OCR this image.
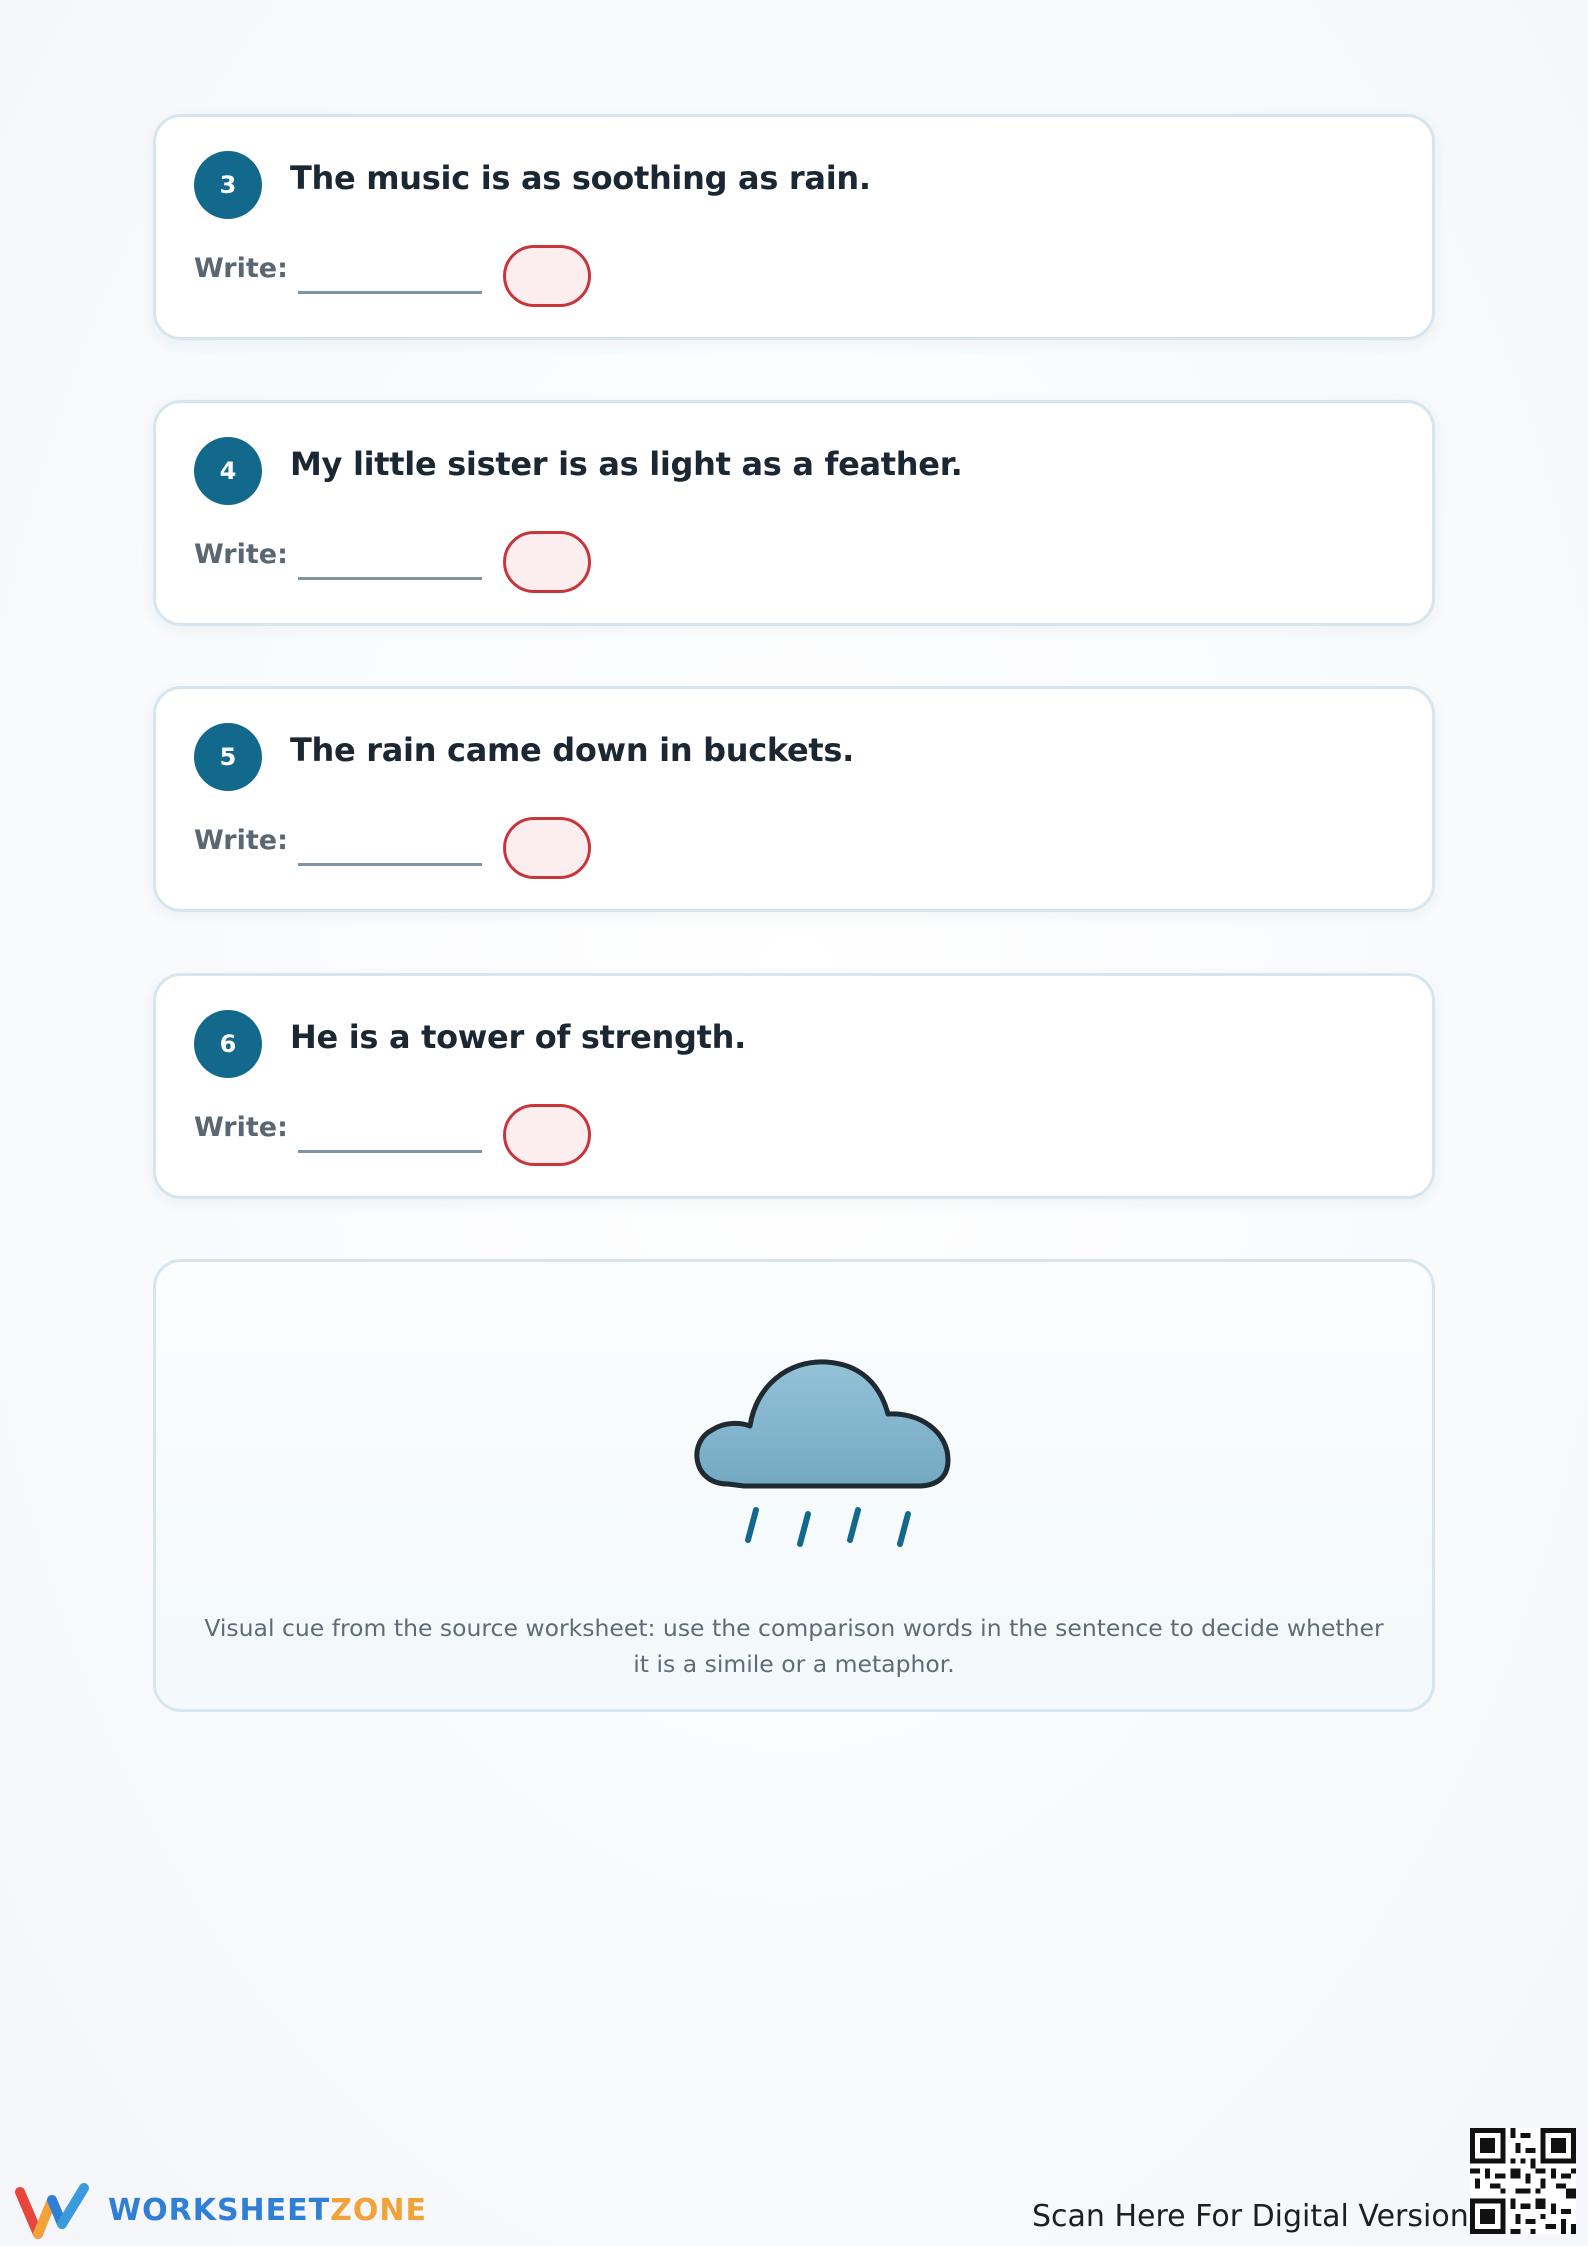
3	The music is as soothing as rain.
Write:
4	My little sister is as light as a feather.
Write:
5	The rain came down in buckets.
Write:
6	He is a tower of strength.
Write:
Visual cue from the source worksheet: use the comparison words in the sentence to decide whether it is a simile or a metaphor.
WORKSHEETZONE	Scan Here For Digital Version
